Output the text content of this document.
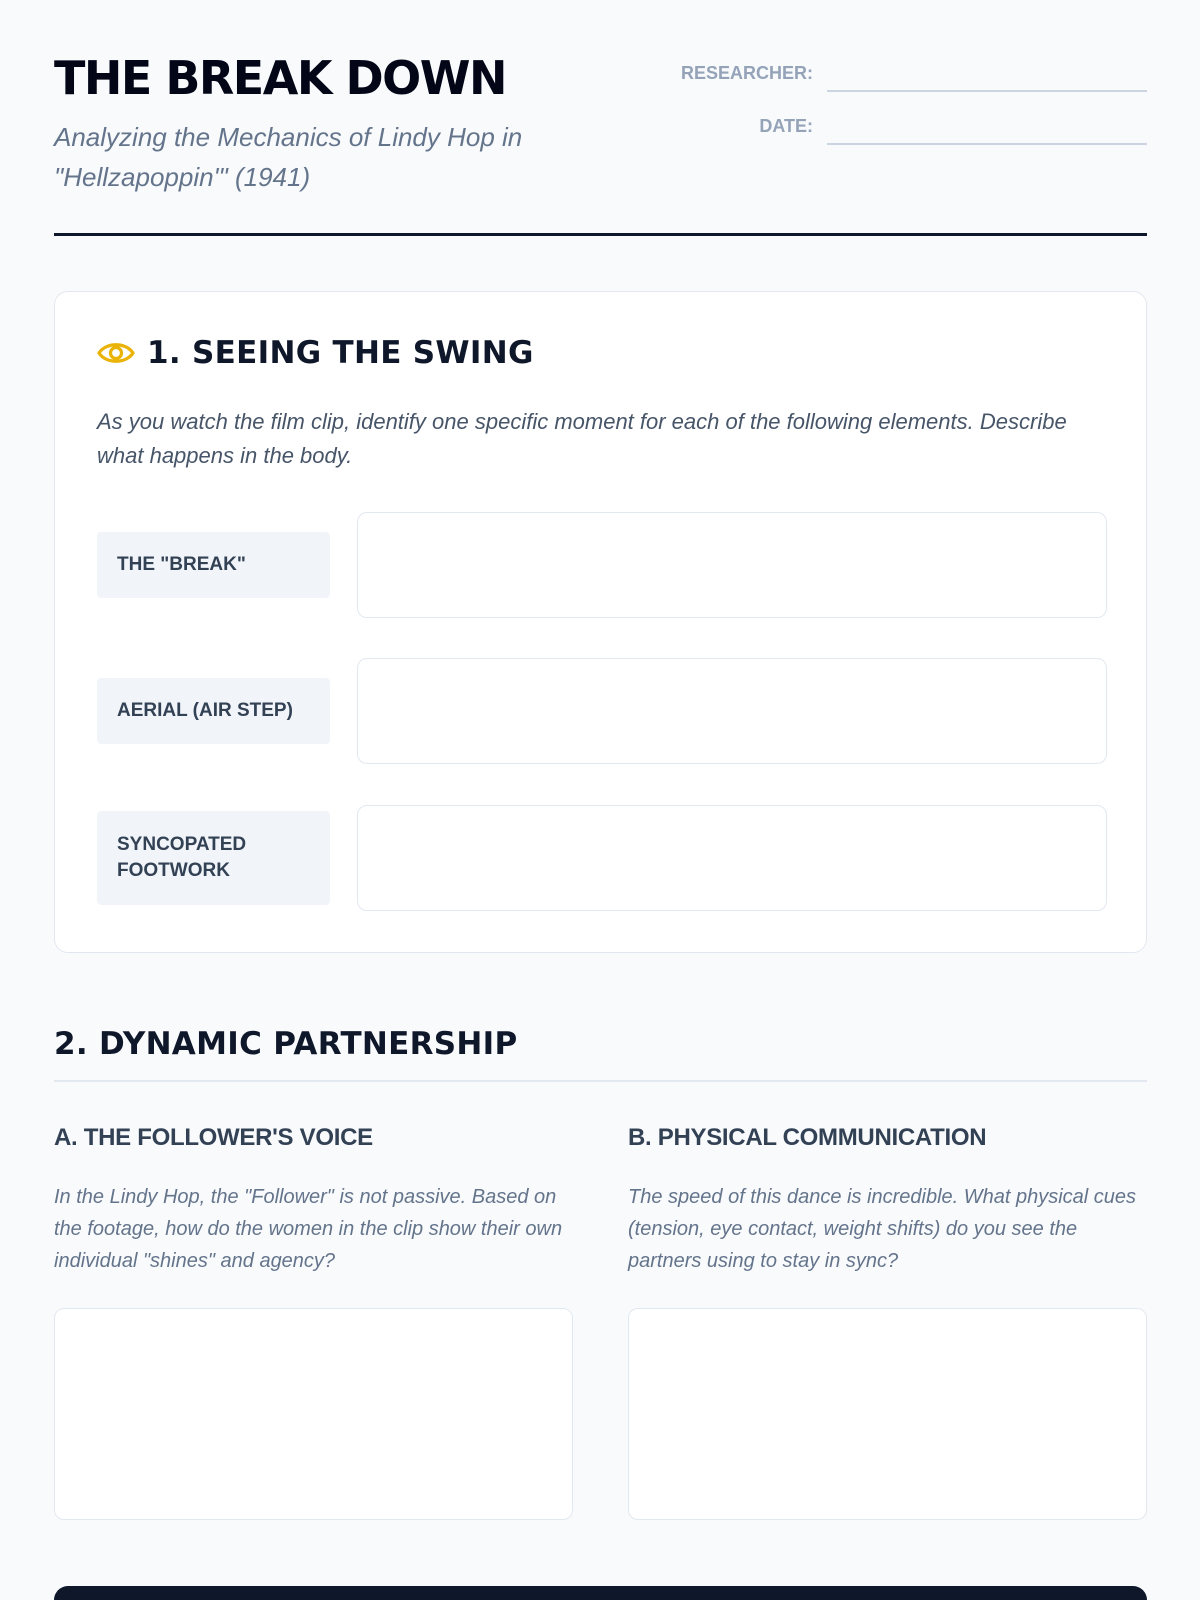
THE BREAK DOWN
Analyzing the Mechanics of Lindy Hop in "Hellzapoppin'" (1941)
RESEARCHER:
DATE:
1. SEEING THE SWING

As you watch the film clip, identify one specific moment for each of the following elements. Describe what happens in the body.

THE "BREAK"
AERIAL (AIR STEP)
SYNCOPATED FOOTWORK
2. DYNAMIC PARTNERSHIP
A. THE FOLLOWER'S VOICE

In the Lindy Hop, the "Follower" is not passive. Based on the footage, how do the women in the clip show their own individual "shines" and agency?

B. PHYSICAL COMMUNICATION

The speed of this dance is incredible. What physical cues (tension, eye contact, weight shifts) do you see the partners using to stay in sync?
